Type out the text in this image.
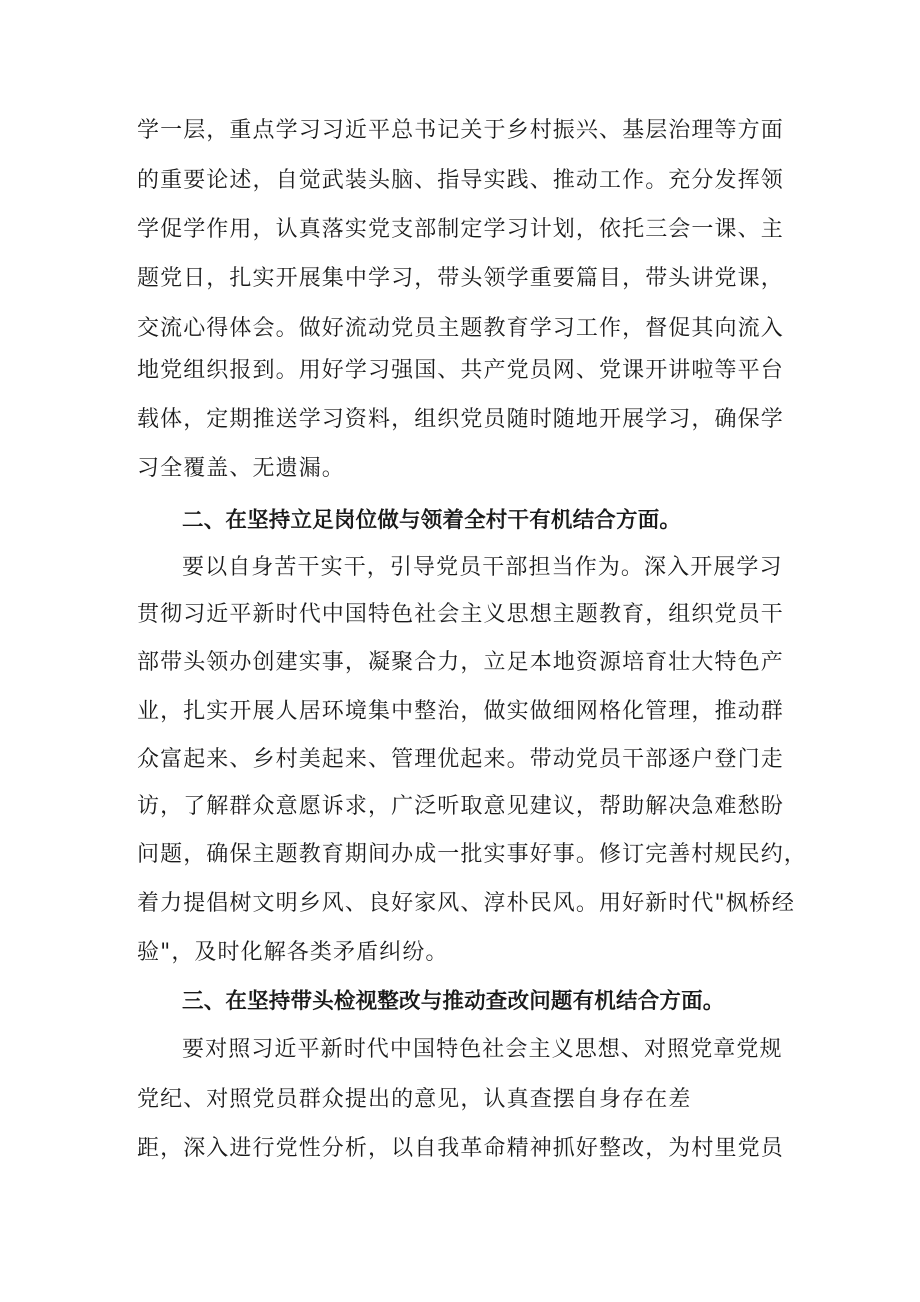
学一层，重点学习习近平总书记关于乡村振兴、基层治理等方面
的重要论述，自觉武装头脑、指导实践、推动工作。充分发挥领
学促学作用，认真落实党支部制定学习计划，依托三会一课、主
题党日，扎实开展集中学习，带头领学重要篇目，带头讲党课，
交流心得体会。做好流动党员主题教育学习工作，督促其向流入
地党组织报到。用好学习强国、共产党员网、党课开讲啦等平台
载体，定期推送学习资料，组织党员随时随地开展学习，确保学
习全覆盖、无遗漏。
二、在坚持立足岗位做与领着全村干有机结合方面。
要以自身苦干实干，引导党员干部担当作为。深入开展学习
贯彻习近平新时代中国特色社会主义思想主题教育，组织党员干
部带头领办创建实事，凝聚合力，立足本地资源培育壮大特色产
业，扎实开展人居环境集中整治，做实做细网格化管理，推动群
众富起来、乡村美起来、管理优起来。带动党员干部逐户登门走
访，了解群众意愿诉求，广泛听取意见建议，帮助解决急难愁盼
问题，确保主题教育期间办成一批实事好事。修订完善村规民约，
着力提倡树文明乡风、良好家风、淳朴民风。用好新时代"枫桥经
验"，及时化解各类矛盾纠纷。
三、在坚持带头检视整改与推动查改问题有机结合方面。
要对照习近平新时代中国特色社会主义思想、对照党章党规
党纪、对照党员群众提出的意见，认真查摆自身存在差
距，深入进行党性分析，以自我革命精神抓好整改，为村里党员
